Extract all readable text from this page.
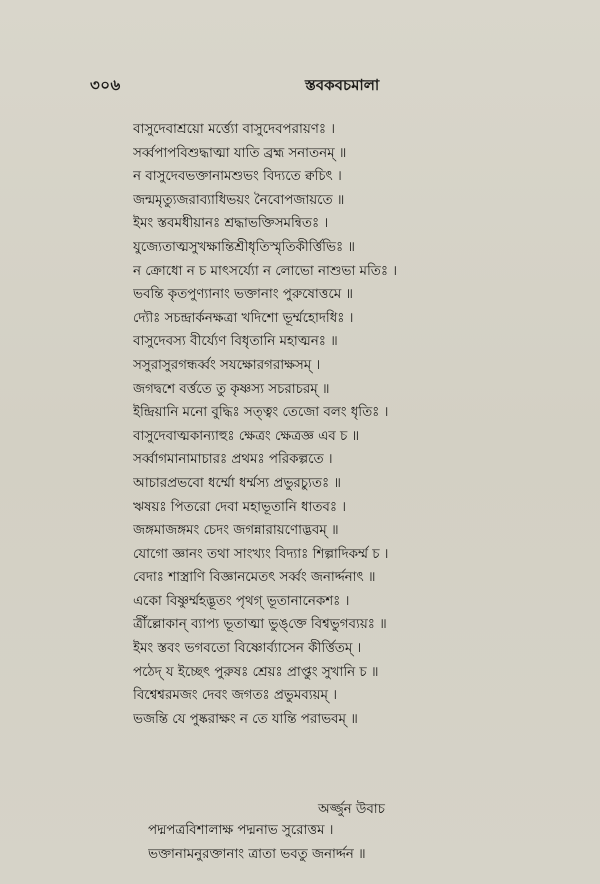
৩০৬	স্তবকবচমালা
বাসুদেবাশ্রয়ো মর্ত্ত্যো বাসুদেবপরায়ণঃ ।
সর্ব্বপাপবিশুদ্ধাত্মা যাতি ব্রহ্ম সনাতনম্ ॥
ন বাসুদেবভক্তানামশুভং বিদ্যতে ক্বচিৎ ।
জন্মমৃত্যুজরাব্যাধিভয়ং নৈবোপজায়তে ॥
ইমং স্তবমধীয়ানঃ শ্রদ্ধাভক্তিসমন্বিতঃ ।
যুজ্যেতাত্মসুখক্ষান্তিশ্রীধৃতিস্মৃতিকীর্ত্তিভিঃ ॥
ন ক্রোধো ন চ মাৎসর্য্যো ন লোভো নাশুভা মতিঃ ।
ভবন্তি কৃতপুণ্যানাং ভক্তানাং পুরুষোত্তমে ॥
দ্যৌঃ সচন্দ্রার্কনক্ষত্রা খদিশো ভূর্ম্মহোদধিঃ ।
বাসুদেবস্য বীর্য্যেণ বিধৃতানি মহাত্মনঃ ॥
সসুরাসুরগন্ধর্ব্বং সযক্ষোরগরাক্ষসম্ ।
জগদ্বশে বর্ত্ততে তু কৃষ্ণস্য সচরাচরম্ ॥
ইন্দ্রিয়ানি মনো বুদ্ধিঃ সত্ত্বং তেজো বলং ধৃতিঃ ।
বাসুদেবাত্মকান্যাহুঃ ক্ষেত্রং ক্ষেত্রজ্ঞ এব চ ॥
সর্ব্বাগমানামাচারঃ প্রথমঃ পরিকল্পতে ।
আচারপ্রভবো ধর্ম্মো ধর্ম্মস্য প্রভুরচ্যুতঃ ॥
ঋষয়ঃ পিতরো দেবা মহাভূতানি ধাতবঃ ।
জঙ্গমাজঙ্গমং চেদং জগন্নারায়ণোদ্ভবম্ ॥
যোগো জ্ঞানং তথা সাংখ্যং বিদ্যাঃ শিল্পাদিকর্ম্ম চ ।
বেদাঃ শাস্ত্রাণি বিজ্ঞানমেতৎ সর্ব্বং জনার্দ্দনাৎ ॥
একো বিষ্ণুর্ম্মহদ্ভূতং পৃথগ্ ভূতানানেকশঃ ।
ত্রীঁল্লোকান্ ব্যাপ্য ভূতাত্মা ভুঙ্‌ক্তে বিশ্বভুগব্যয়ঃ ॥
ইমং স্তবং ভগবতো বিষ্ণোর্ব্যাসেন কীর্ত্তিতম্ ।
পঠেদ্ য ইচ্ছেৎ পুরুষঃ শ্রেয়ঃ প্রাপ্তুং সুখানি চ ॥
বিশ্বেশ্বরমজং দেবং জগতঃ প্রভুমব্যয়ম্ ।
ভজন্তি যে পুষ্করাক্ষং ন তে যান্তি পরাভবম্ ॥
অর্জ্জুন উবাচ
পদ্মপত্রবিশালাক্ষ পদ্মনাভ সুরোত্তম ।
ভক্তানামনুরক্তানাং ত্রাতা ভবতু জনার্দ্দন ॥
